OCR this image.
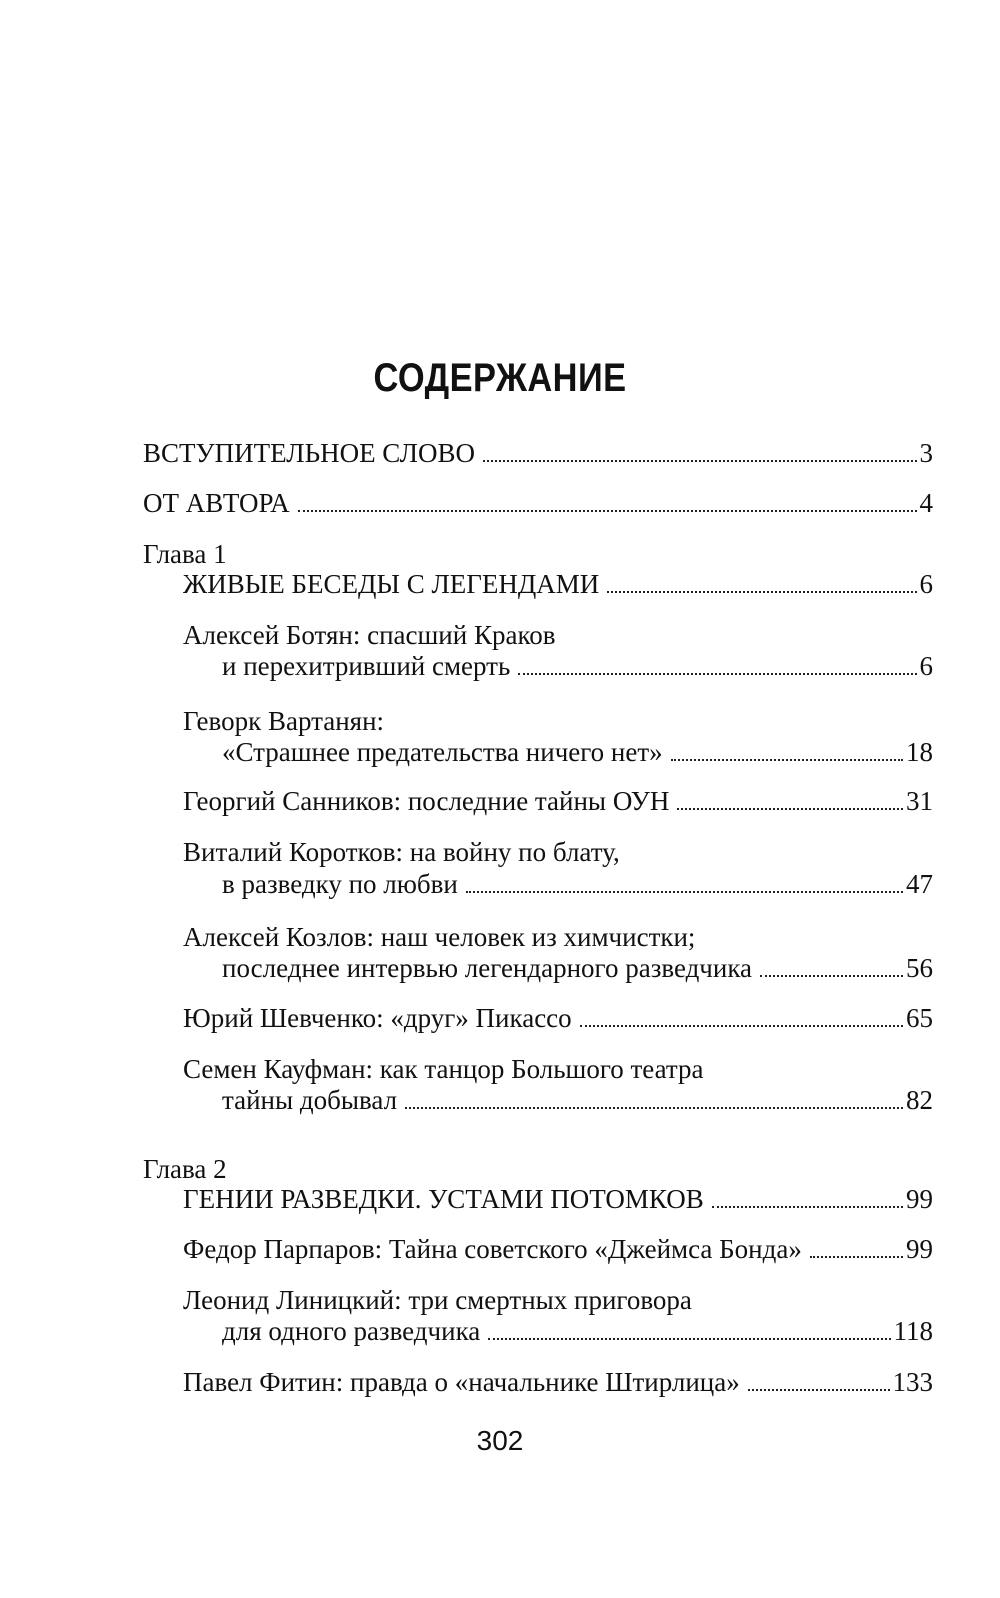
СОДЕРЖАНИЕ
ВСТУПИТЕЛЬНОЕ СЛОВО	3
ОТ АВТОРА	4
Глава 1
ЖИВЫЕ БЕСЕДЫ С ЛЕГЕНДАМИ	6
Алексей Ботян: спасший Краков
и перехитривший смерть	6
Геворк Вартанян:
«Страшнее предательства ничего нет»	18
Георгий Санников: последние тайны ОУН	31
Виталий Коротков: на войну по блату,
в разведку по любви	47
Алексей Козлов: наш человек из химчистки;
последнее интервью легендарного разведчика	56
Юрий Шевченко: «друг» Пикассо	65
Семен Кауфман: как танцор Большого театра
тайны добывал	82
Глава 2
ГЕНИИ РАЗВЕДКИ. УСТАМИ ПОТОМКОВ	99
Федор Парпаров: Тайна советского «Джеймса Бонда»	99
Леонид Линицкий: три смертных приговора
для одного разведчика	118
Павел Фитин: правда о «начальнике Штирлица»	133
302
